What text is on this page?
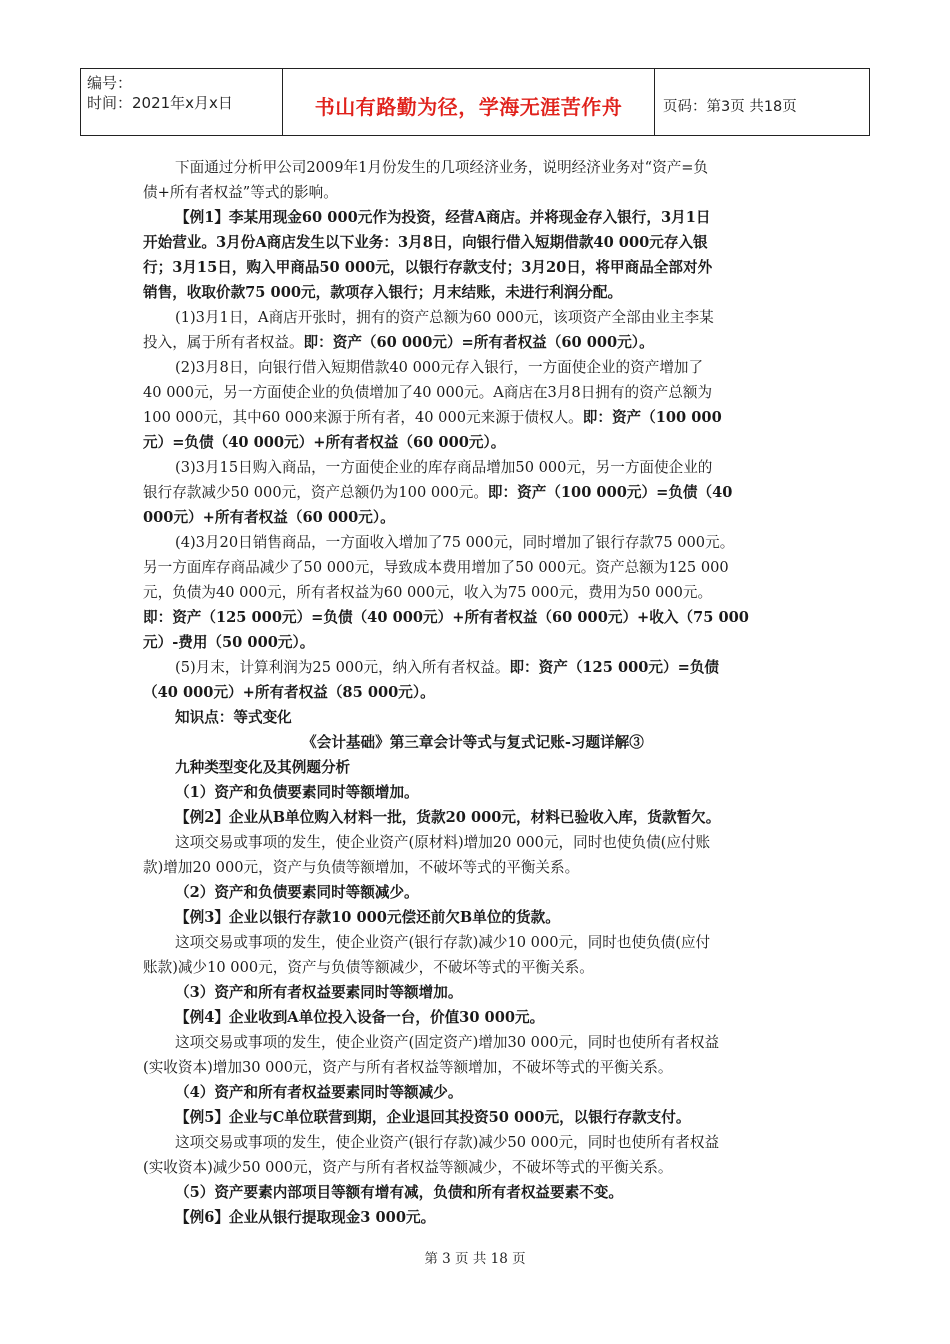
编号：
时间：2021年x月x日	书山有路勤为径，学海无涯苦作舟	页码：第3页 共18页
下面通过分析甲公司2009年1月份发生的几项经济业务，说明经济业务对“资产=负
债+所有者权益”等式的影响。
【例1】李某用现金60 000元作为投资，经营A商店。并将现金存入银行，3月1日
开始营业。3月份A商店发生以下业务：3月8日，向银行借入短期借款40 000元存入银
行；3月15日，购入甲商品50 000元，以银行存款支付；3月20日，将甲商品全部对外
销售，收取价款75 000元，款项存入银行；月末结账，未进行利润分配。
(1)3月1日，A商店开张时，拥有的资产总额为60 000元，该项资产全部由业主李某
投入，属于所有者权益。即：资产（60 000元）=所有者权益（60 000元）。
(2)3月8日，向银行借入短期借款40 000元存入银行，一方面使企业的资产增加了
40 000元，另一方面使企业的负债增加了40 000元。A商店在3月8日拥有的资产总额为
100 000元，其中60 000来源于所有者，40 000元来源于债权人。即：资产（100 000
元）=负债（40 000元）+所有者权益（60 000元）。
(3)3月15日购入商品，一方面使企业的库存商品增加50 000元，另一方面使企业的
银行存款减少50 000元，资产总额仍为100 000元。即：资产（100 000元）=负债（40
000元）+所有者权益（60 000元）。
(4)3月20日销售商品，一方面收入增加了75 000元，同时增加了银行存款75 000元。
另一方面库存商品减少了50 000元，导致成本费用增加了50 000元。资产总额为125 000
元，负债为40 000元，所有者权益为60 000元，收入为75 000元，费用为50 000元。
即：资产（125 000元）=负债（40 000元）+所有者权益（60 000元）+收入（75 000
元）-费用（50 000元）。
(5)月末，计算利润为25 000元，纳入所有者权益。即：资产（125 000元）=负债
（40 000元）+所有者权益（85 000元）。
知识点：等式变化
《会计基础》第三章会计等式与复式记账-习题详解③
九种类型变化及其例题分析
（1）资产和负债要素同时等额增加。
【例2】企业从B单位购入材料一批，货款20 000元，材料已验收入库，货款暂欠。
这项交易或事项的发生，使企业资产(原材料)增加20 000元，同时也使负债(应付账
款)增加20 000元，资产与负债等额增加，不破坏等式的平衡关系。
（2）资产和负债要素同时等额减少。
【例3】企业以银行存款10 000元偿还前欠B单位的货款。
这项交易或事项的发生，使企业资产(银行存款)减少10 000元，同时也使负债(应付
账款)减少10 000元，资产与负债等额减少，不破坏等式的平衡关系。
（3）资产和所有者权益要素同时等额增加。
【例4】企业收到A单位投入设备一台，价值30 000元。
这项交易或事项的发生，使企业资产(固定资产)增加30 000元，同时也使所有者权益
(实收资本)增加30 000元，资产与所有者权益等额增加，不破坏等式的平衡关系。
（4）资产和所有者权益要素同时等额减少。
【例5】企业与C单位联营到期，企业退回其投资50 000元，以银行存款支付。
这项交易或事项的发生，使企业资产(银行存款)减少50 000元，同时也使所有者权益
(实收资本)减少50 000元，资产与所有者权益等额减少，不破坏等式的平衡关系。
（5）资产要素内部项目等额有增有减，负债和所有者权益要素不变。
【例6】企业从银行提取现金3 000元。
第 3 页 共 18 页
